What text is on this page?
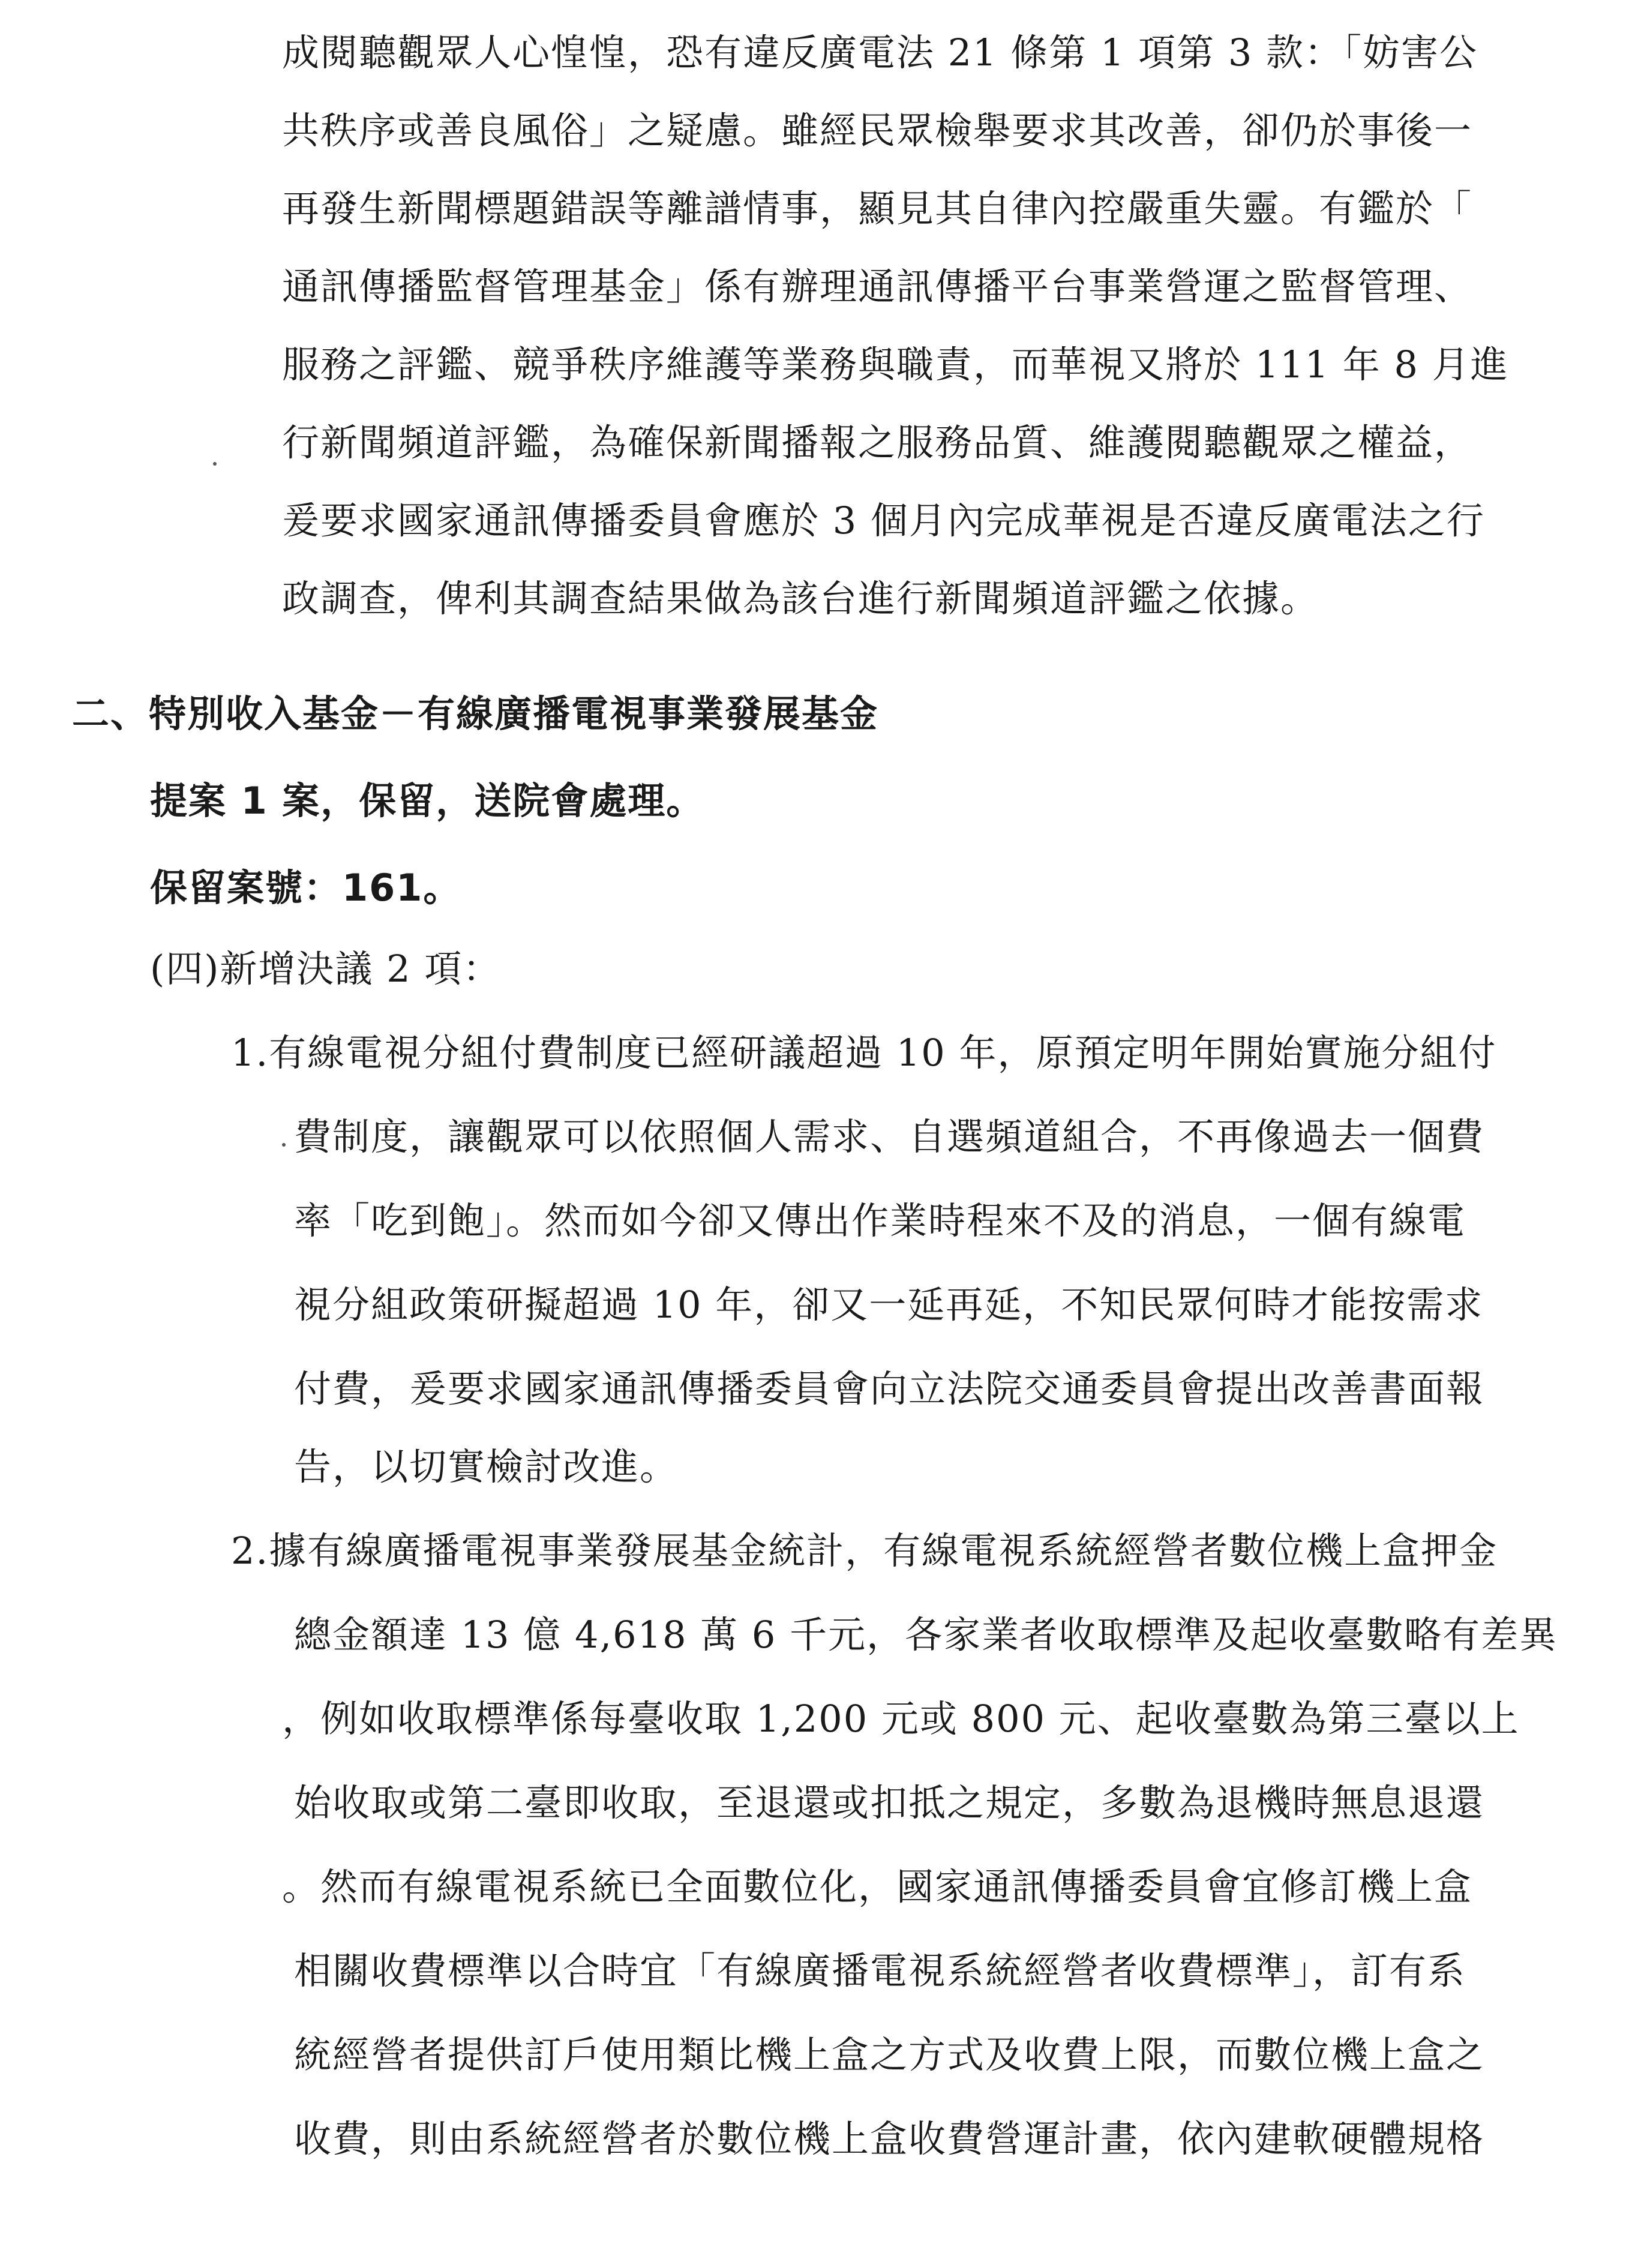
成閱聽觀眾人心惶惶，恐有違反廣電法 21 條第 1 項第 3 款：「妨害公
共秩序或善良風俗」之疑慮。雖經民眾檢舉要求其改善，卻仍於事後一
再發生新聞標題錯誤等離譜情事，顯見其自律內控嚴重失靈。有鑑於「
通訊傳播監督管理基金」係有辦理通訊傳播平台事業營運之監督管理、
服務之評鑑、競爭秩序維護等業務與職責，而華視又將於 111 年 8 月進
行新聞頻道評鑑，為確保新聞播報之服務品質、維護閱聽觀眾之權益，
爰要求國家通訊傳播委員會應於 3 個月內完成華視是否違反廣電法之行
政調查，俾利其調查結果做為該台進行新聞頻道評鑑之依據。
二、特別收入基金－有線廣播電視事業發展基金
提案 1 案，保留，送院會處理。
保留案號：161。
(四)新增決議 2 項：
1.有線電視分組付費制度已經研議超過 10 年，原預定明年開始實施分組付
費制度，讓觀眾可以依照個人需求、自選頻道組合，不再像過去一個費
率「吃到飽」。然而如今卻又傳出作業時程來不及的消息，一個有線電
視分組政策研擬超過 10 年，卻又一延再延，不知民眾何時才能按需求
付費，爰要求國家通訊傳播委員會向立法院交通委員會提出改善書面報
告，以切實檢討改進。
2.據有線廣播電視事業發展基金統計，有線電視系統經營者數位機上盒押金
總金額達 13 億 4,618 萬 6 千元，各家業者收取標準及起收臺數略有差異
，例如收取標準係每臺收取 1,200 元或 800 元、起收臺數為第三臺以上
始收取或第二臺即收取，至退還或扣抵之規定，多數為退機時無息退還
。然而有線電視系統已全面數位化，國家通訊傳播委員會宜修訂機上盒
相關收費標準以合時宜「有線廣播電視系統經營者收費標準」，訂有系
統經營者提供訂戶使用類比機上盒之方式及收費上限，而數位機上盒之
收費，則由系統經營者於數位機上盒收費營運計畫，依內建軟硬體規格
